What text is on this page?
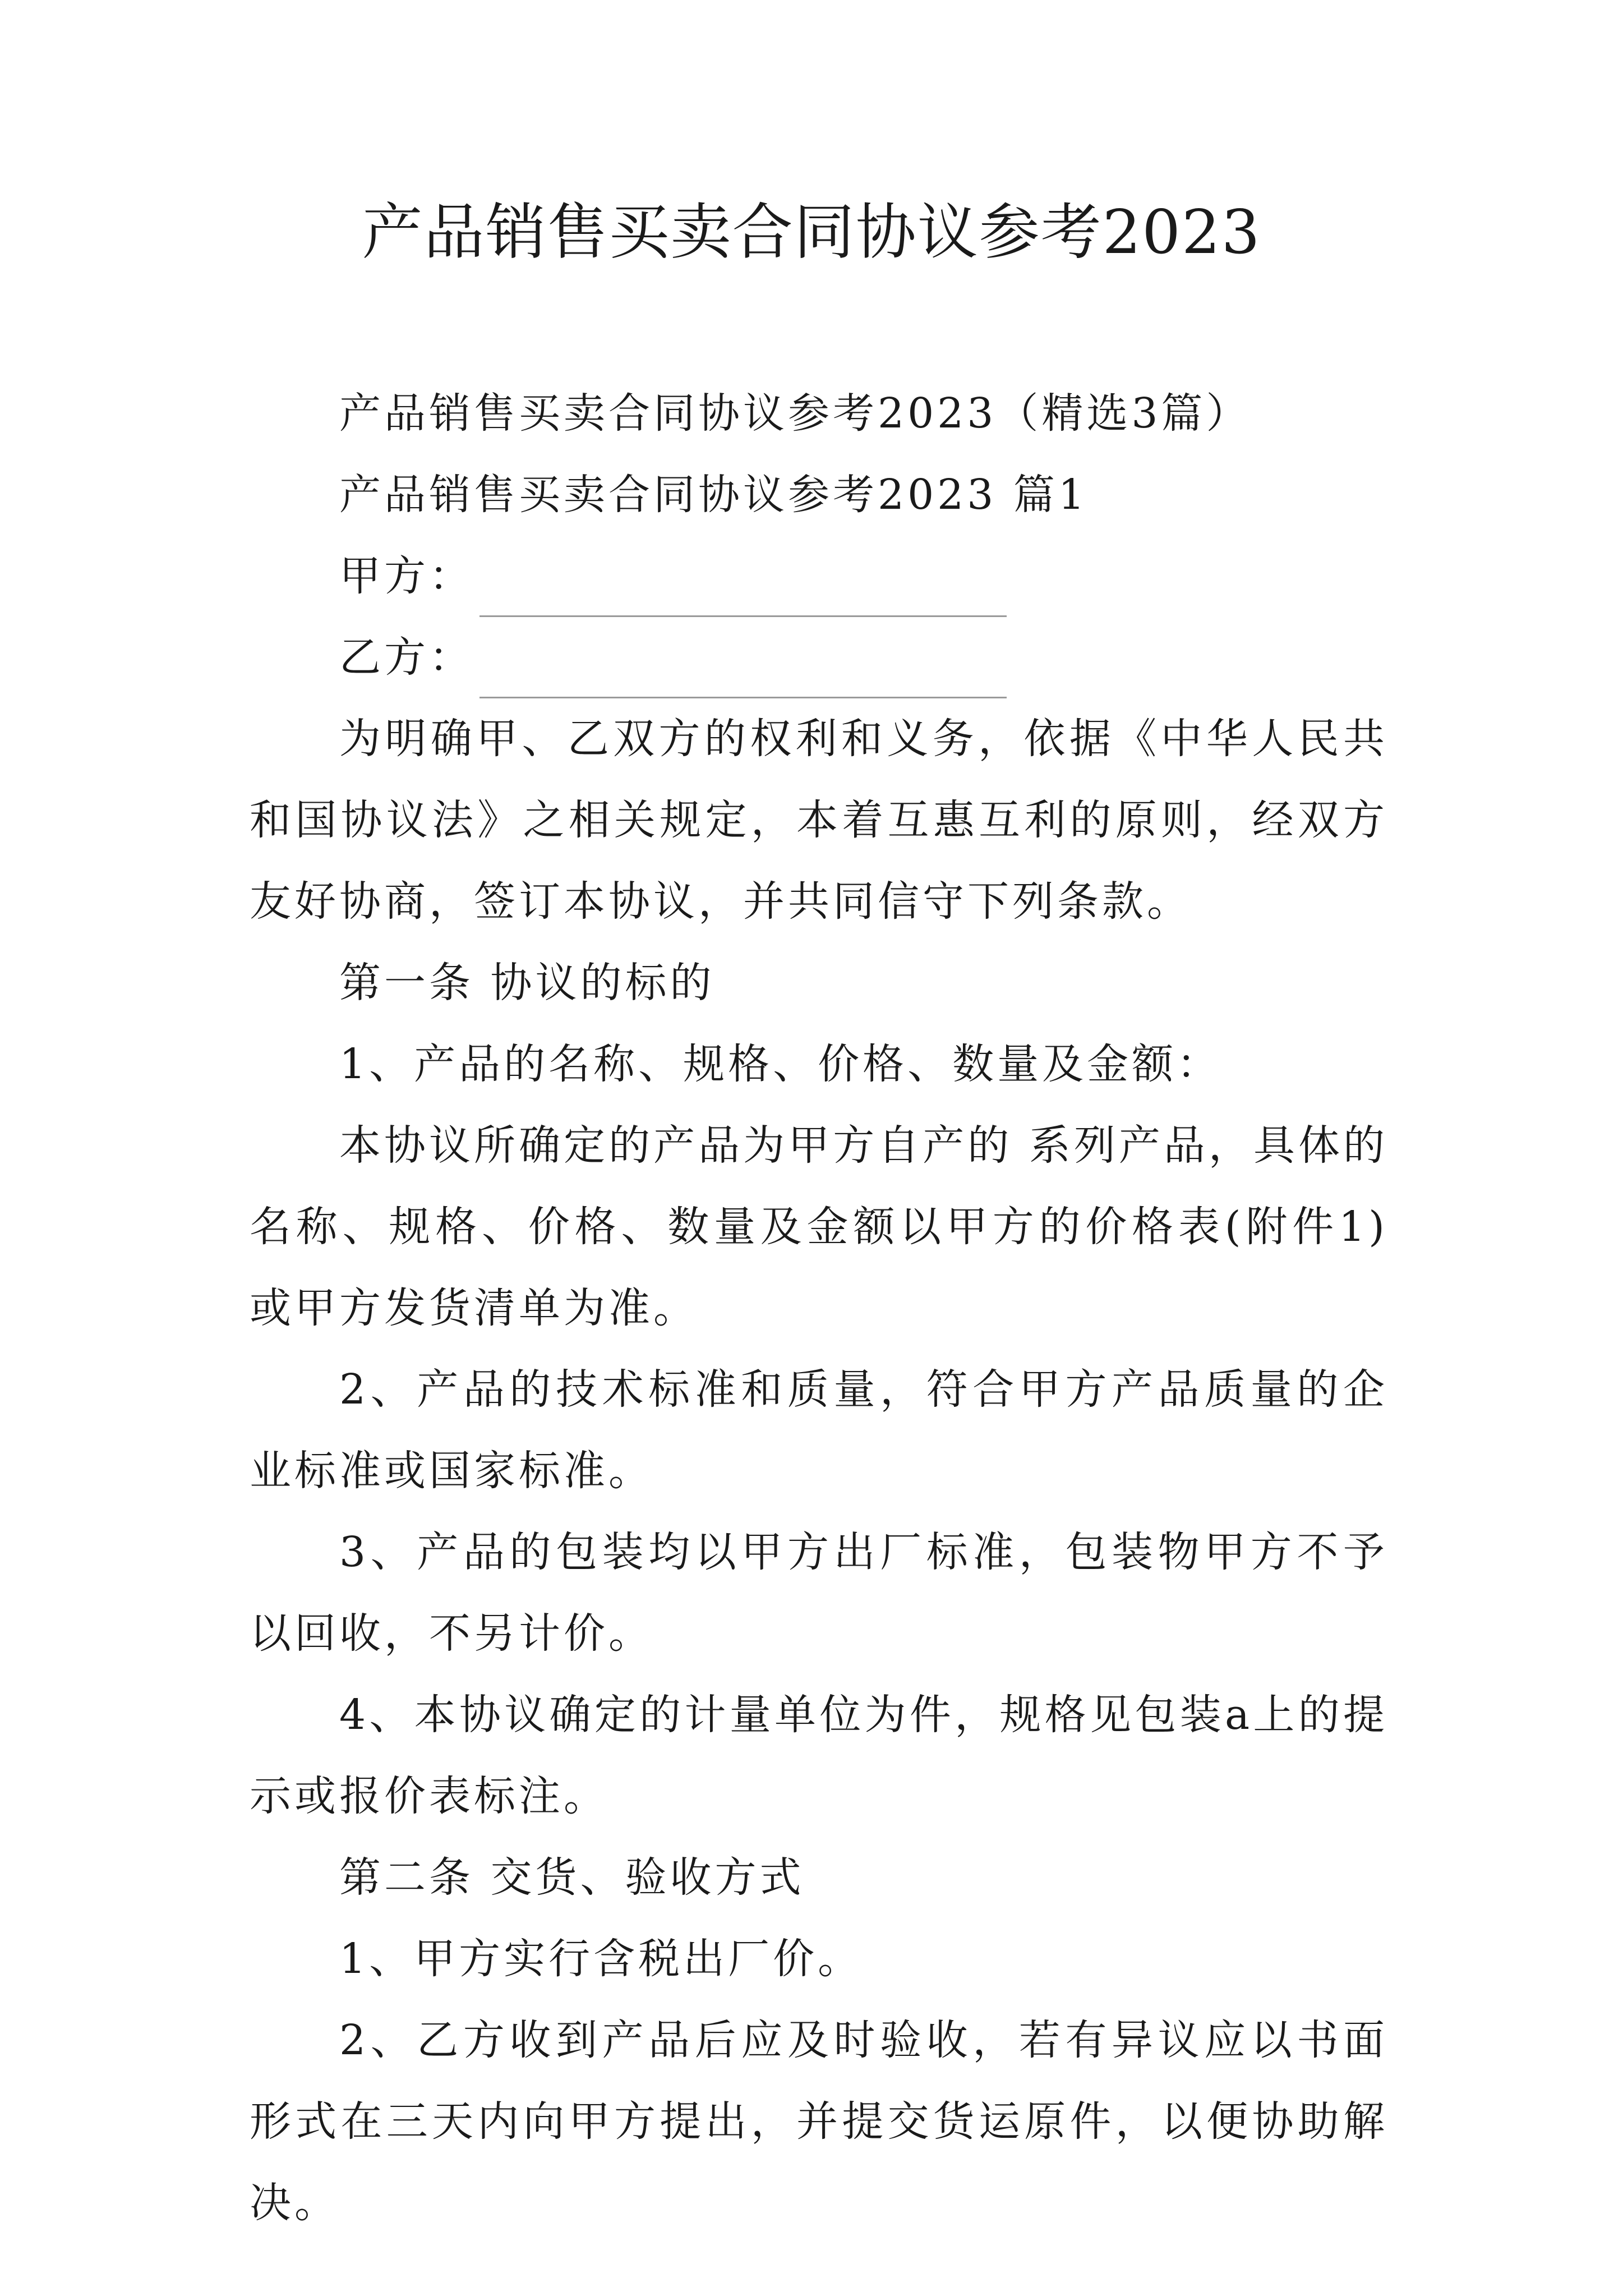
产品销售买卖合同协议参考2023

产品销售买卖合同协议参考2023（精选3篇）

产品销售买卖合同协议参考2023 篇1

甲方：

乙方：

为明确甲、乙双方的权利和义务，依据《中华人民共和国协议法》之相关规定，本着互惠互利的原则，经双方友好协商，签订本协议，并共同信守下列条款。

第一条 协议的标的

1、产品的名称、规格、价格、数量及金额：

本协议所确定的产品为甲方自产的 系列产品，具体的名称、规格、价格、数量及金额以甲方的价格表(附件1)或甲方发货清单为准。

2、产品的技术标准和质量，符合甲方产品质量的企业标准或国家标准。

3、产品的包装均以甲方出厂标准，包装物甲方不予以回收，不另计价。

4、本协议确定的计量单位为件，规格见包装a上的提示或报价表标注。

第二条 交货、验收方式

1、甲方实行含税出厂价。

2、乙方收到产品后应及时验收，若有异议应以书面形式在三天内向甲方提出，并提交货运原件，以便协助解决。
